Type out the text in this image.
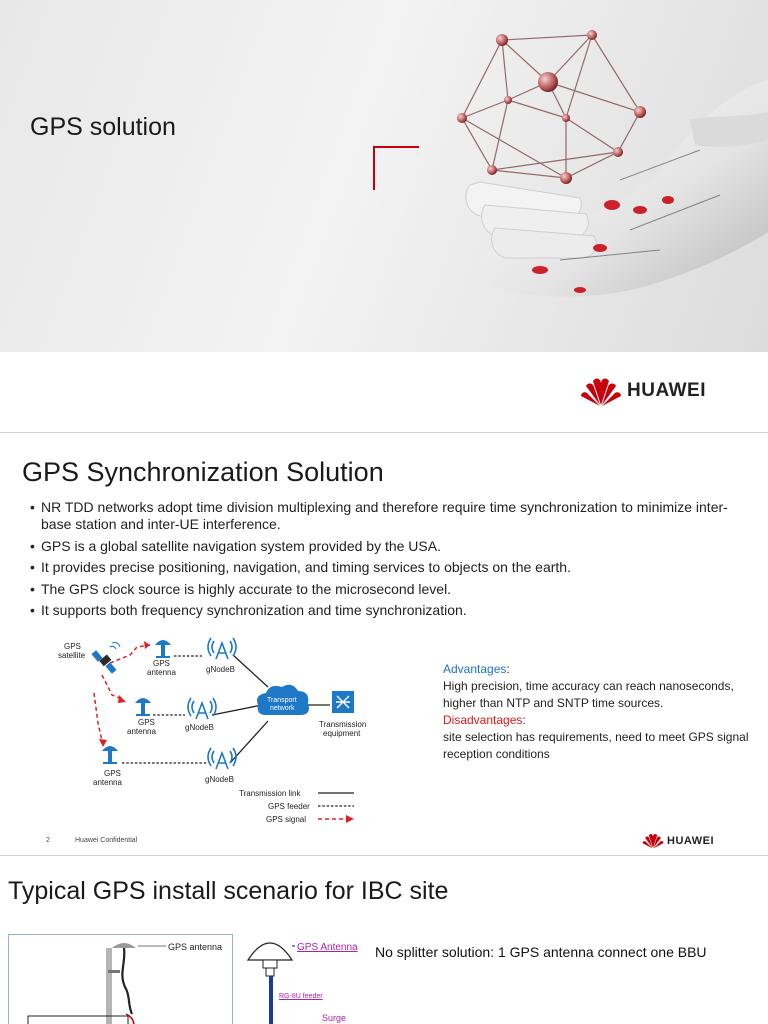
GPS solution
HUAWEI
GPS Synchronization Solution
• NR TDD networks adopt time division multiplexing and therefore require time synchronization to minimize inter-base station and inter-UE interference.
• GPS is a global satellite navigation system provided by the USA.
• It provides precise positioning, navigation, and timing services to objects on the earth.
• The GPS clock source is highly accurate to the microsecond level.
• It supports both frequency synchronization and time synchronization.
GPS
satellite
Transport
network
Transmission
equipment
GPS
antenna	gNodeB
GPS
antenna	gNodeB
GPS
antenna	gNodeB
Transmission link
GPS feeder
GPS signal
Advantages:
High precision, time accuracy can reach nanoseconds, higher than NTP and SNTP time sources.
Disadvantages:
site selection has requirements, need to meet GPS signal reception conditions
2	Huawei Confidential	HUAWEI
Typical GPS install scenario for IBC site
GPS antenna	GPS Antenna
RG-8U feeder
Surge
No splitter solution: 1 GPS antenna connect one BBU
